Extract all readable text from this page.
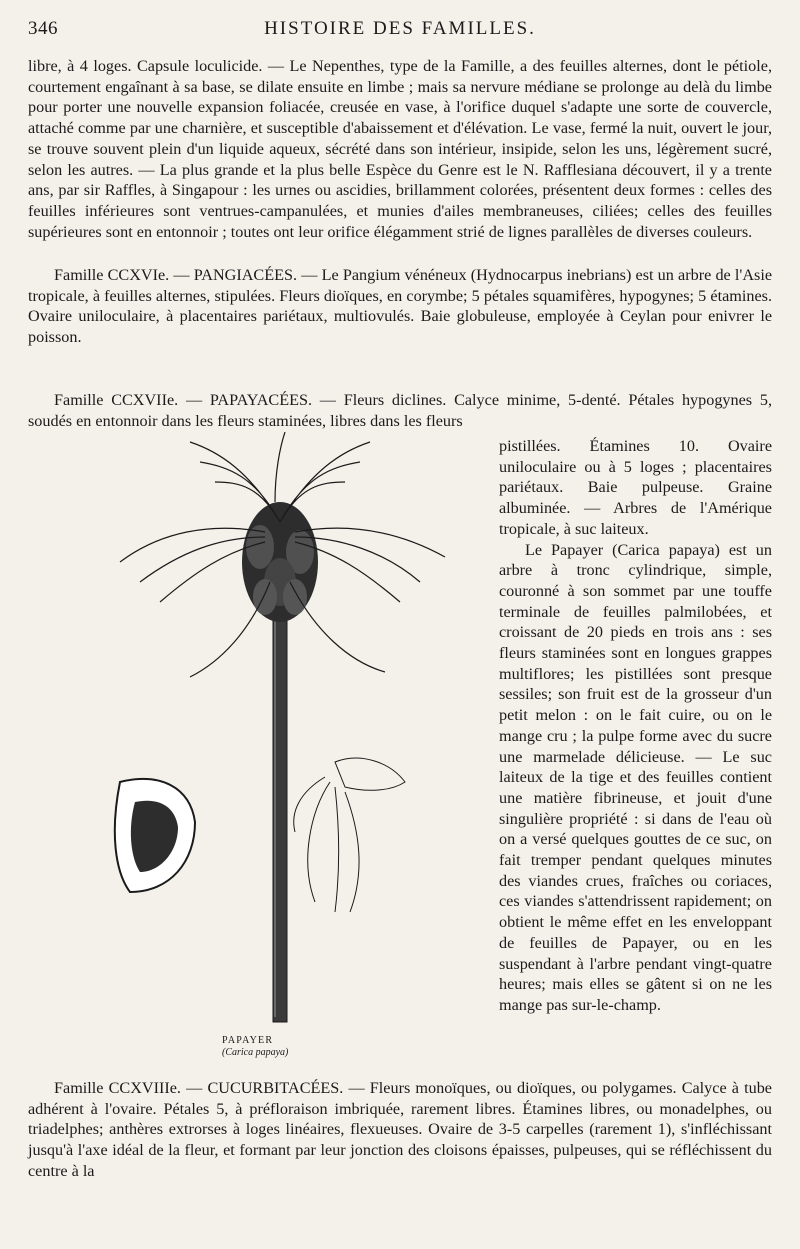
346	HISTOIRE DES FAMILLES.

libre, à 4 loges. Capsule loculicide. — Le Nepenthes, type de la Famille, a des feuilles alternes, dont le pétiole, courtement engaînant à sa base, se dilate ensuite en limbe ; mais sa nervure médiane se prolonge au delà du limbe pour porter une nouvelle expansion foliacée, creusée en vase, à l'orifice duquel s'adapte une sorte de couvercle, attaché comme par une charnière, et susceptible d'abaissement et d'élévation. Le vase, fermé la nuit, ouvert le jour, se trouve souvent plein d'un liquide aqueux, sécrété dans son intérieur, insipide, selon les uns, légèrement sucré, selon les autres. — La plus grande et la plus belle Espèce du Genre est le N. Rafflesiana découvert, il y a trente ans, par sir Raffles, à Singapour : les urnes ou ascidies, brillamment colorées, présentent deux formes : celles des feuilles inférieures sont ventrues-campanulées, et munies d'ailes membraneuses, ciliées; celles des feuilles supérieures sont en entonnoir ; toutes ont leur orifice élégamment strié de lignes parallèles de diverses couleurs.

Famille CCXVIe. — PANGIACÉES. — Le Pangium vénéneux (Hydnocarpus inebrians) est un arbre de l'Asie tropicale, à feuilles alternes, stipulées. Fleurs dioïques, en corymbe; 5 pétales squamifères, hypogynes; 5 étamines. Ovaire uniloculaire, à placentaires pariétaux, multiovulés. Baie globuleuse, employée à Ceylan pour enivrer le poisson.

Famille CCXVIIe. — PAPAYACÉES. — Fleurs diclines. Calyce minime, 5-denté. Pétales hypogynes 5, soudés en entonnoir dans les fleurs staminées, libres dans les fleurs

PAPAYER
(Carica papaya)

pistillées. Étamines 10. Ovaire uniloculaire ou à 5 loges ; placentaires pariétaux. Baie pulpeuse. Graine albuminée. — Arbres de l'Amérique tropicale, à suc laiteux.

Le Papayer (Carica papaya) est un arbre à tronc cylindrique, simple, couronné à son sommet par une touffe terminale de feuilles palmilobées, et croissant de 20 pieds en trois ans : ses fleurs staminées sont en longues grappes multiflores; les pistillées sont presque sessiles; son fruit est de la grosseur d'un petit melon : on le fait cuire, ou on le mange cru ; la pulpe forme avec du sucre une marmelade délicieuse. — Le suc laiteux de la tige et des feuilles contient une matière fibrineuse, et jouit d'une singulière propriété : si dans de l'eau où on a versé quelques gouttes de ce suc, on fait tremper pendant quelques minutes des viandes crues, fraîches ou coriaces, ces viandes s'attendrissent rapidement; on obtient le même effet en les enveloppant de feuilles de Papayer, ou en les suspendant à l'arbre pendant vingt-quatre heures; mais elles se gâtent si on ne les mange pas sur-le-champ.

Famille CCXVIIIe. — CUCURBITACÉES. — Fleurs monoïques, ou dioïques, ou polygames. Calyce à tube adhérent à l'ovaire. Pétales 5, à préfloraison imbriquée, rarement libres. Étamines libres, ou monadelphes, ou triadelphes; anthères extrorses à loges linéaires, flexueuses. Ovaire de 3-5 carpelles (rarement 1), s'infléchissant jusqu'à l'axe idéal de la fleur, et formant par leur jonction des cloisons épaisses, pulpeuses, qui se réfléchissent du centre à la
